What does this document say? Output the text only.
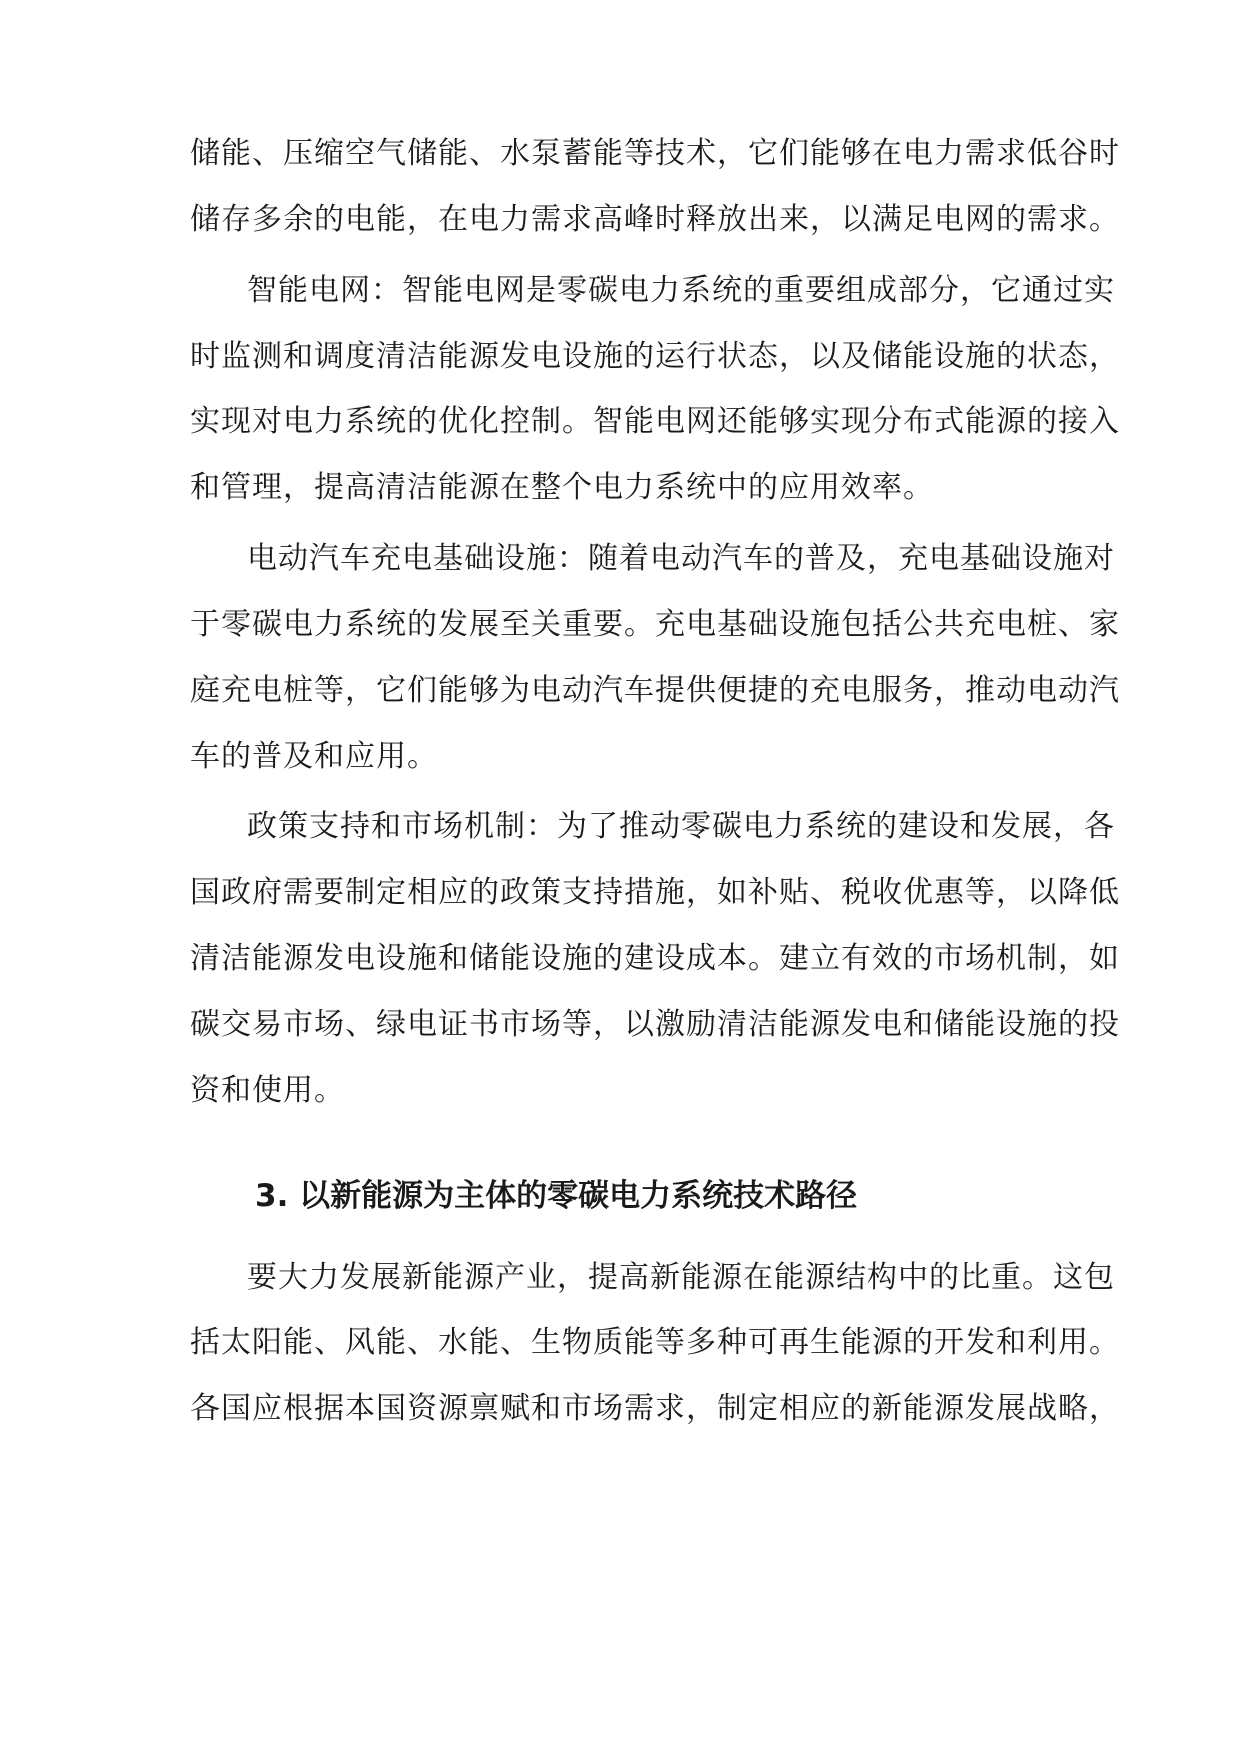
储能、压缩空气储能、水泵蓄能等技术，它们能够在电力需求低谷时
储存多余的电能，在电力需求高峰时释放出来，以满足电网的需求。
智能电网：智能电网是零碳电力系统的重要组成部分，它通过实
时监测和调度清洁能源发电设施的运行状态，以及储能设施的状态，
实现对电力系统的优化控制。智能电网还能够实现分布式能源的接入
和管理，提高清洁能源在整个电力系统中的应用效率。
电动汽车充电基础设施：随着电动汽车的普及，充电基础设施对
于零碳电力系统的发展至关重要。充电基础设施包括公共充电桩、家
庭充电桩等，它们能够为电动汽车提供便捷的充电服务，推动电动汽
车的普及和应用。
政策支持和市场机制：为了推动零碳电力系统的建设和发展，各
国政府需要制定相应的政策支持措施，如补贴、税收优惠等，以降低
清洁能源发电设施和储能设施的建设成本。建立有效的市场机制，如
碳交易市场、绿电证书市场等，以激励清洁能源发电和储能设施的投
资和使用。
3. 以新能源为主体的零碳电力系统技术路径
要大力发展新能源产业，提高新能源在能源结构中的比重。这包
括太阳能、风能、水能、生物质能等多种可再生能源的开发和利用。
各国应根据本国资源禀赋和市场需求，制定相应的新能源发展战略，
